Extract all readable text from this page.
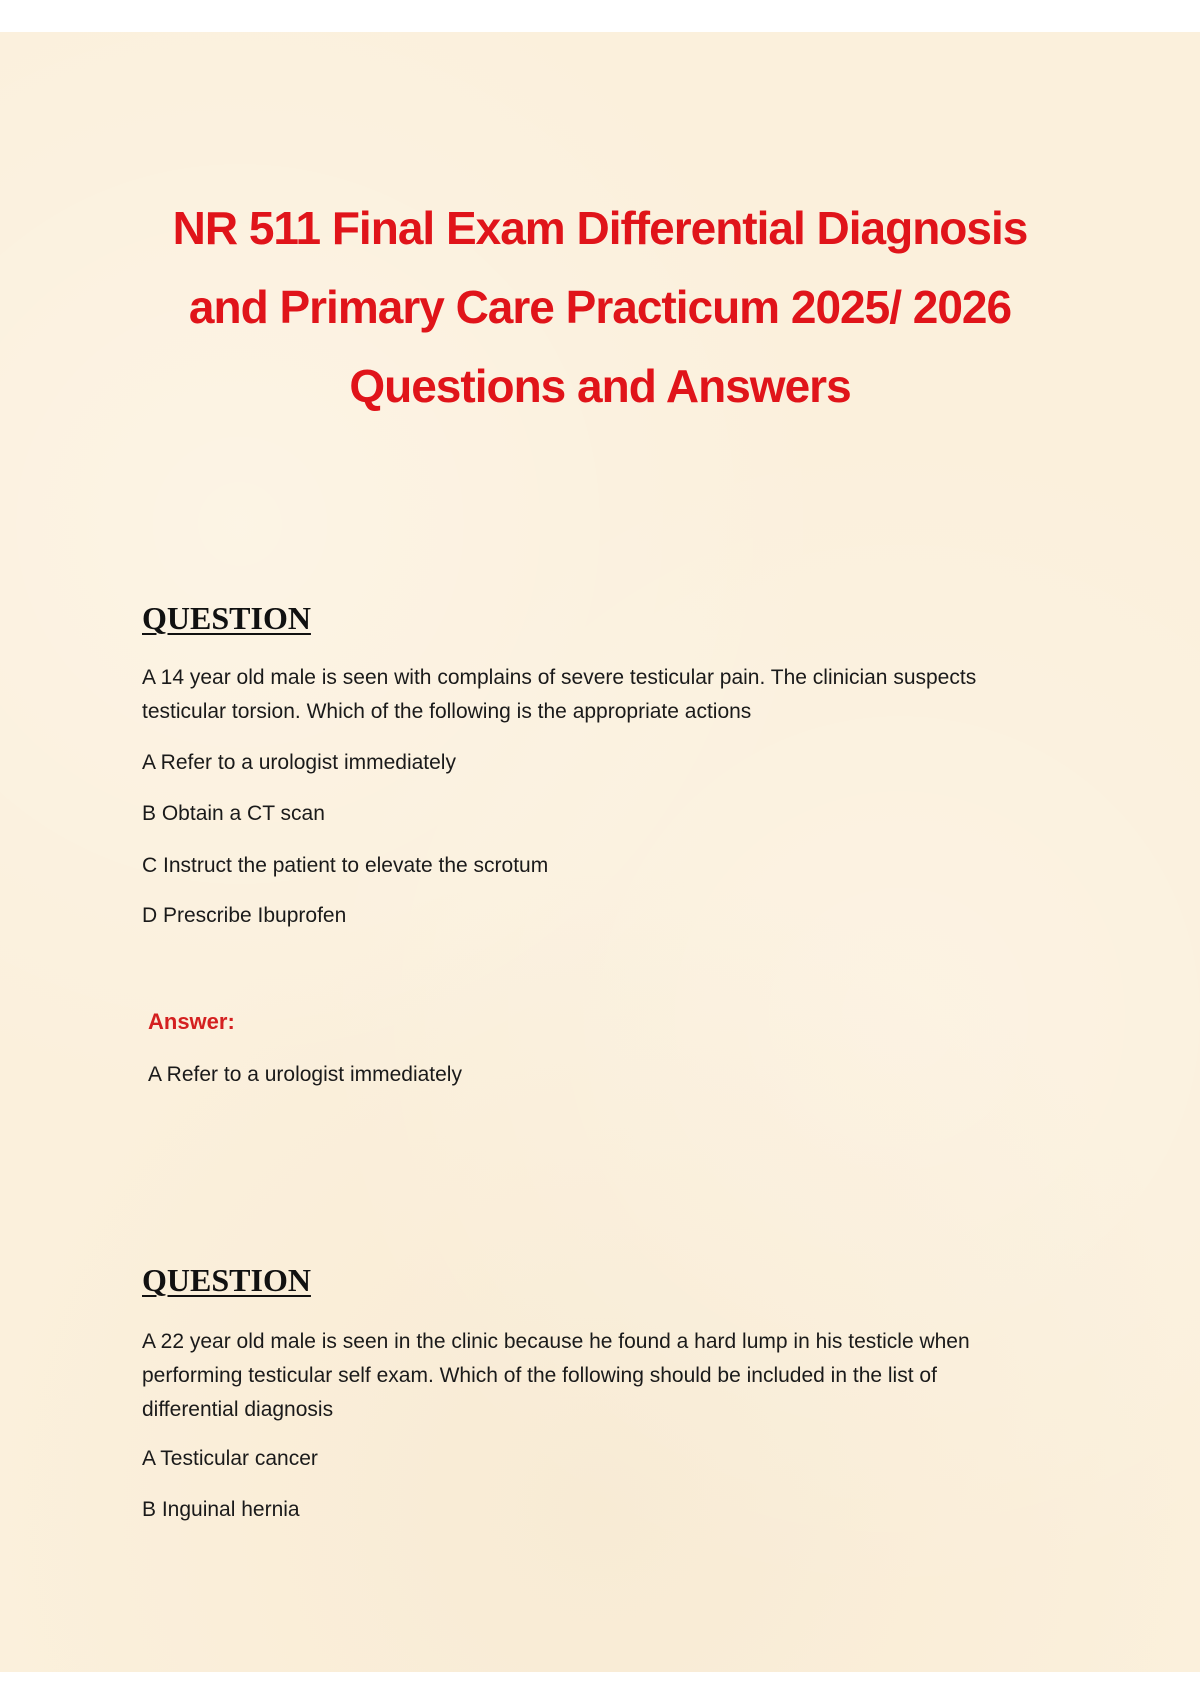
NR 511 Final Exam Differential Diagnosis
and Primary Care Practicum 2025/ 2026
Questions and Answers
QUESTION

A 14 year old male is seen with complains of severe testicular pain. The clinician suspects testicular torsion. Which of the following is the appropriate actions

A Refer to a urologist immediately

B Obtain a CT scan

C Instruct the patient to elevate the scrotum

D Prescribe Ibuprofen

Answer:

A Refer to a urologist immediately

QUESTION

A 22 year old male is seen in the clinic because he found a hard lump in his testicle when performing testicular self exam. Which of the following should be included in the list of differential diagnosis

A Testicular cancer

B Inguinal hernia
